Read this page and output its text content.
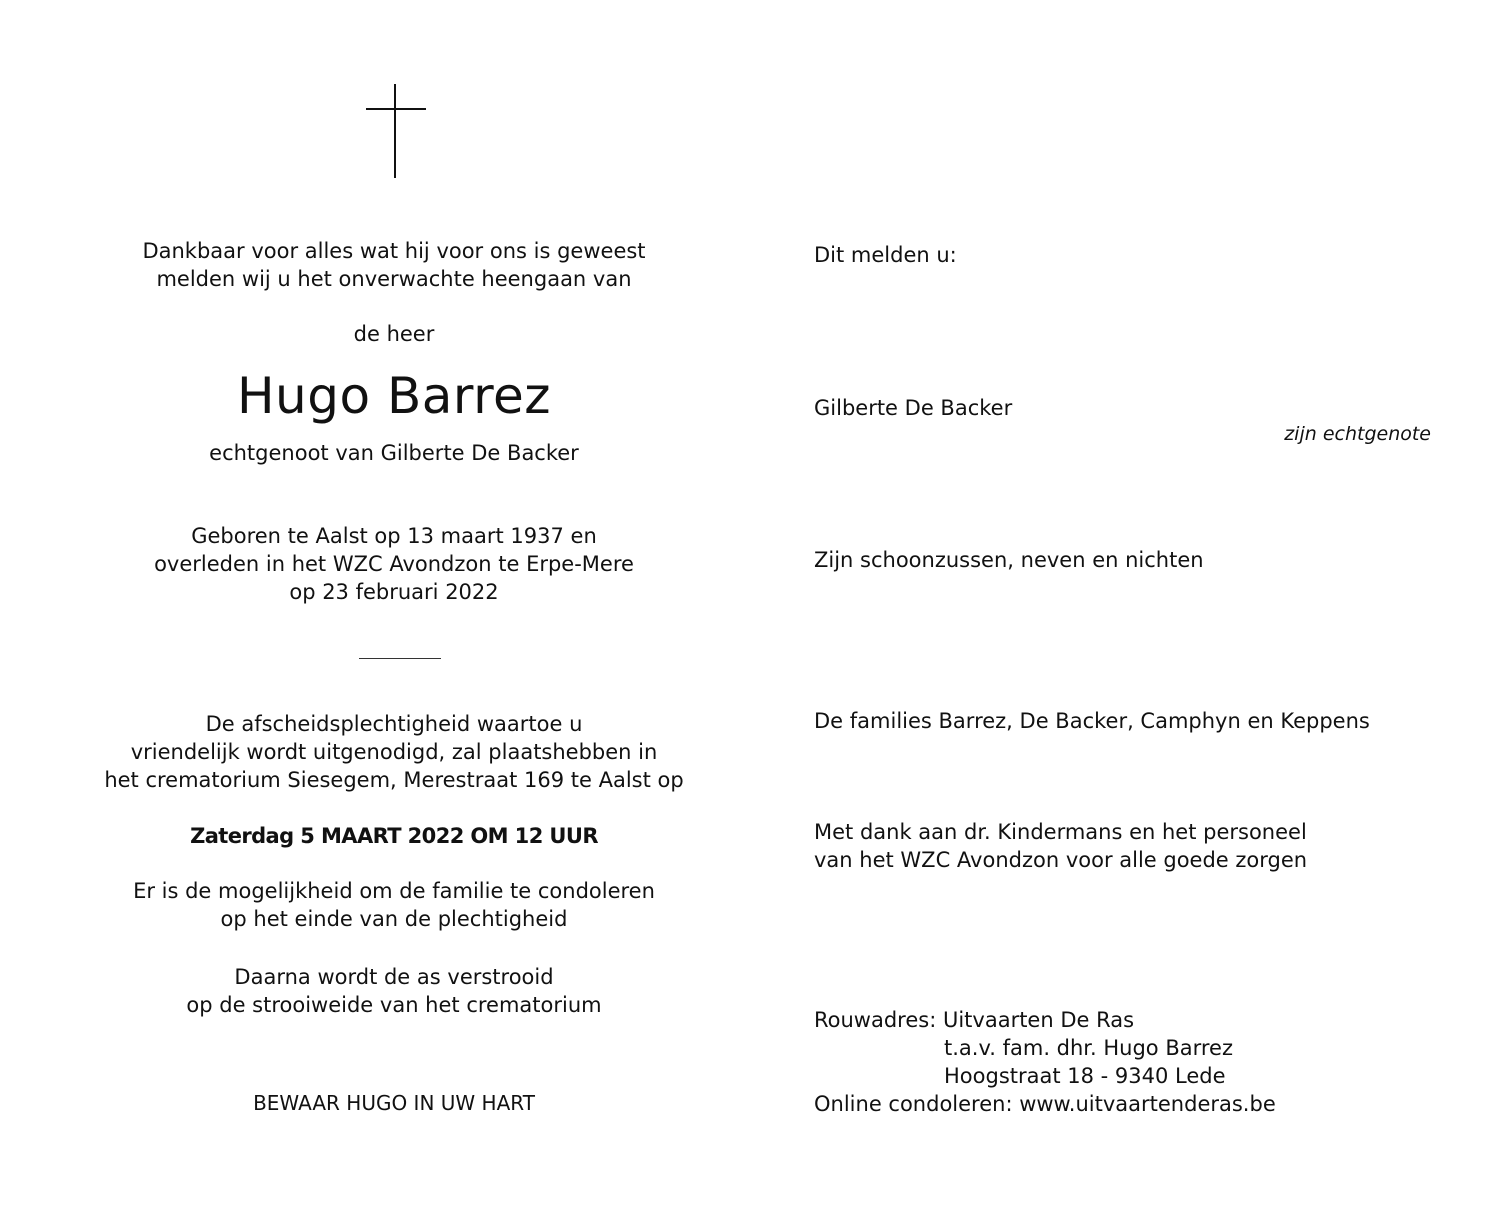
Dankbaar voor alles wat hij voor ons is geweest

melden wij u het onverwachte heengaan van

de heer

Hugo Barrez

echtgenoot van Gilberte De Backer

Geboren te Aalst op 13 maart 1937 en

overleden in het WZC Avondzon te Erpe-Mere

op 23 februari 2022

De afscheidsplechtigheid waartoe u

vriendelijk wordt uitgenodigd, zal plaatshebben in

het crematorium Siesegem, Merestraat 169 te Aalst op

Zaterdag 5 MAART 2022 OM 12 UUR

Er is de mogelijkheid om de familie te condoleren

op het einde van de plechtigheid

Daarna wordt de as verstrooid

op de strooiweide van het crematorium

BEWAAR HUGO IN UW HART

Dit melden u:

Gilberte De Backer

zijn echtgenote

Zijn schoonzussen, neven en nichten

De families Barrez, De Backer, Camphyn en Keppens

Met dank aan dr. Kindermans en het personeel

van het WZC Avondzon voor alle goede zorgen

Rouwadres: Uitvaarten De Ras

t.a.v. fam. dhr. Hugo Barrez

Hoogstraat 18 - 9340 Lede

Online condoleren: www.uitvaartenderas.be
